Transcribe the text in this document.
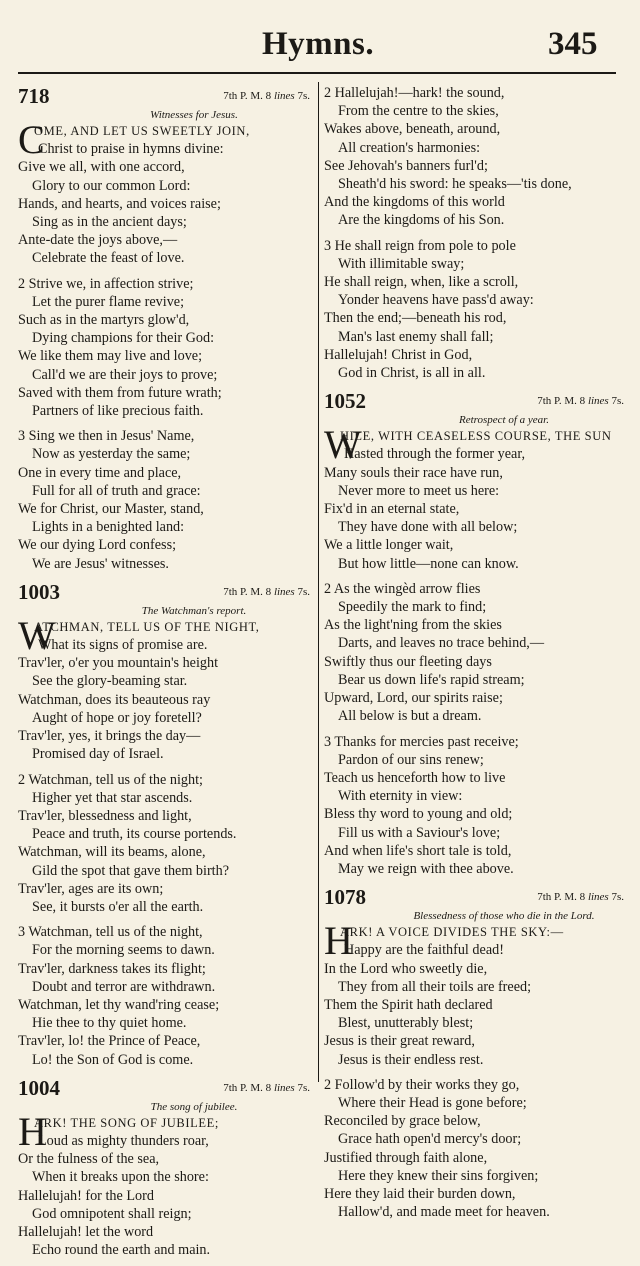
Hymns.	345
718	7th P. M. 8 lines 7s.
Witnesses for Jesus.
C
OME, AND LET US SWEETLY JOIN,
Christ to praise in hymns divine:
Give we all, with one accord,
Glory to our common Lord:
Hands, and hearts, and voices raise;
Sing as in the ancient days;
Ante-date the joys above,—
Celebrate the feast of love.
2 Strive we, in affection strive;
Let the purer flame revive;
Such as in the martyrs glow'd,
Dying champions for their God:
We like them may live and love;
Call'd we are their joys to prove;
Saved with them from future wrath;
Partners of like precious faith.
3 Sing we then in Jesus' Name,
Now as yesterday the same;
One in every time and place,
Full for all of truth and grace:
We for Christ, our Master, stand,
Lights in a benighted land:
We our dying Lord confess;
We are Jesus' witnesses.
1003	7th P. M. 8 lines 7s.
The Watchman's report.
W
ATCHMAN, TELL US OF THE NIGHT,
What its signs of promise are.
Trav'ler, o'er you mountain's height
See the glory-beaming star.
Watchman, does its beauteous ray
Aught of hope or joy foretell?
Trav'ler, yes, it brings the day—
Promised day of Israel.
2 Watchman, tell us of the night;
Higher yet that star ascends.
Trav'ler, blessedness and light,
Peace and truth, its course portends.
Watchman, will its beams, alone,
Gild the spot that gave them birth?
Trav'ler, ages are its own;
See, it bursts o'er all the earth.
3 Watchman, tell us of the night,
For the morning seems to dawn.
Trav'ler, darkness takes its flight;
Doubt and terror are withdrawn.
Watchman, let thy wand'ring cease;
Hie thee to thy quiet home.
Trav'ler, lo! the Prince of Peace,
Lo! the Son of God is come.
1004	7th P. M. 8 lines 7s.
The song of jubilee.
H
ARK! THE SONG OF JUBILEE;
Loud as mighty thunders roar,
Or the fulness of the sea,
When it breaks upon the shore:
Hallelujah! for the Lord
God omnipotent shall reign;
Hallelujah! let the word
Echo round the earth and main.
2 Hallelujah!—hark! the sound,
From the centre to the skies,
Wakes above, beneath, around,
All creation's harmonies:
See Jehovah's banners furl'd;
Sheath'd his sword: he speaks—'tis done,
And the kingdoms of this world
Are the kingdoms of his Son.
3 He shall reign from pole to pole
With illimitable sway;
He shall reign, when, like a scroll,
Yonder heavens have pass'd away:
Then the end;—beneath his rod,
Man's last enemy shall fall;
Hallelujah! Christ in God,
God in Christ, is all in all.
1052	7th P. M. 8 lines 7s.
Retrospect of a year.
W
HILE, WITH CEASELESS COURSE, THE SUN
Hasted through the former year,
Many souls their race have run,
Never more to meet us here:
Fix'd in an eternal state,
They have done with all below;
We a little longer wait,
But how little—none can know.
2 As the wingèd arrow flies
Speedily the mark to find;
As the light'ning from the skies
Darts, and leaves no trace behind,—
Swiftly thus our fleeting days
Bear us down life's rapid stream;
Upward, Lord, our spirits raise;
All below is but a dream.
3 Thanks for mercies past receive;
Pardon of our sins renew;
Teach us henceforth how to live
With eternity in view:
Bless thy word to young and old;
Fill us with a Saviour's love;
And when life's short tale is told,
May we reign with thee above.
1078	7th P. M. 8 lines 7s.
Blessedness of those who die in the Lord.
H
ARK! A VOICE DIVIDES THE SKY:—
Happy are the faithful dead!
In the Lord who sweetly die,
They from all their toils are freed;
Them the Spirit hath declared
Blest, unutterably blest;
Jesus is their great reward,
Jesus is their endless rest.
2 Follow'd by their works they go,
Where their Head is gone before;
Reconciled by grace below,
Grace hath open'd mercy's door;
Justified through faith alone,
Here they knew their sins forgiven;
Here they laid their burden down,
Hallow'd, and made meet for heaven.
